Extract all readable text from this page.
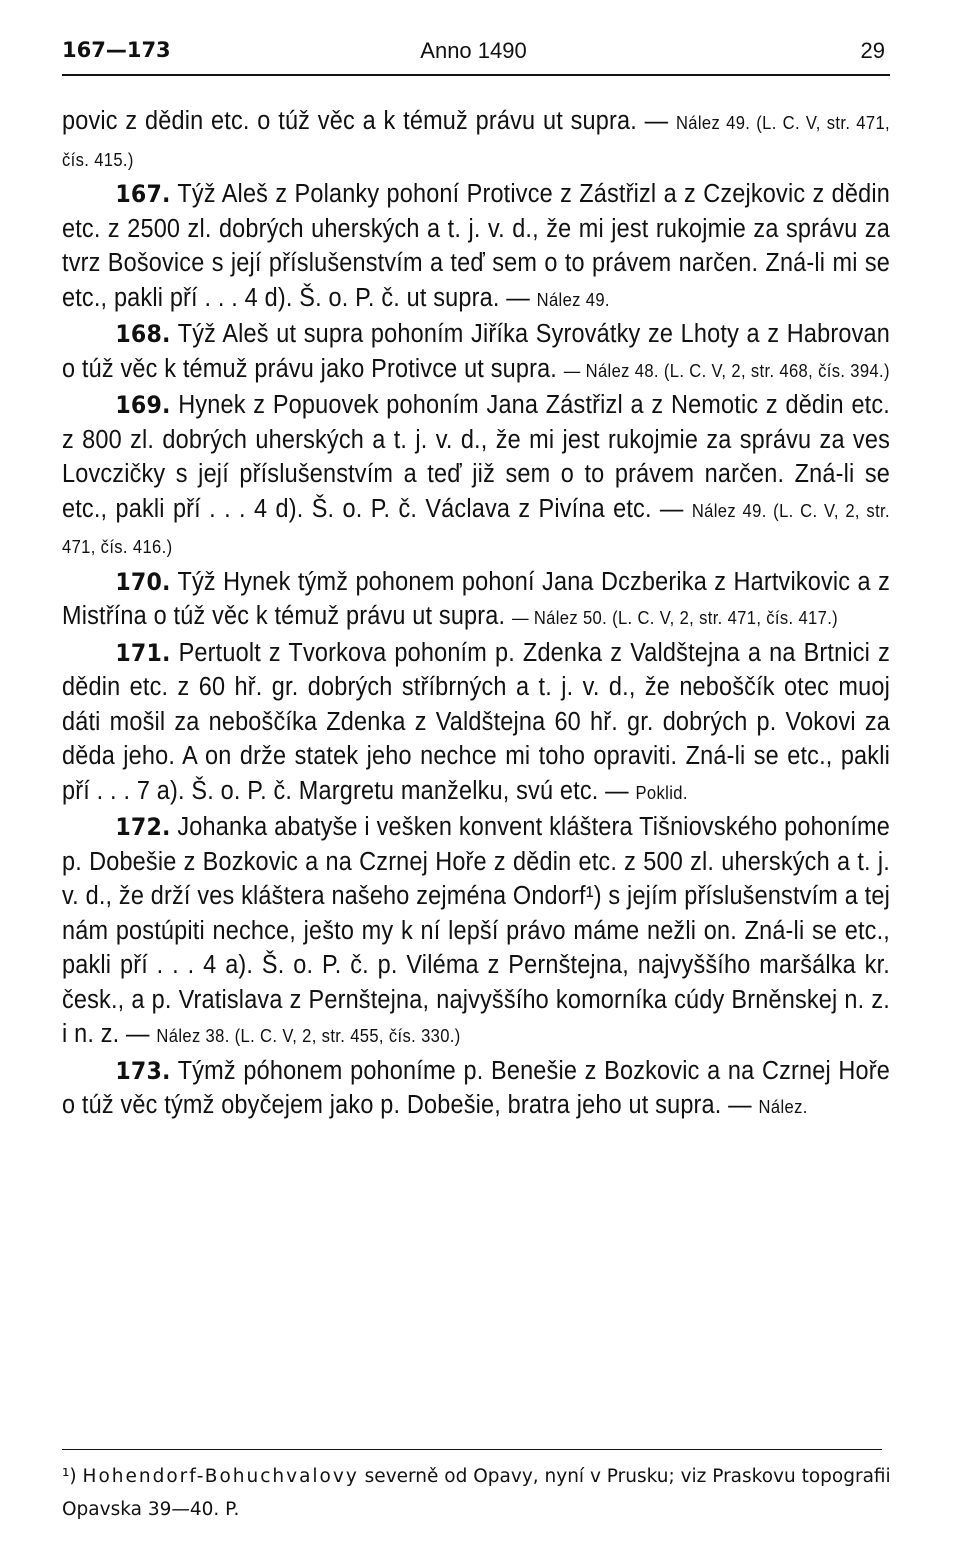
167—173	Anno 1490	29

povic z dědin etc. o túž věc a k témuž právu ut supra. — Nález 49. (L. C. V, str. 471, čís. 415.)

167. Týž Aleš z Polanky pohoní Protivce z Zástřizl a z Czejkovic z dědin etc. z 2500 zl. dobrých uherských a t. j. v. d., že mi jest rukojmie za správu za tvrz Bošovice s její příslušenstvím a teď sem o to právem narčen. Zná-li mi se etc., pakli pří . . . 4 d). Š. o. P. č. ut supra. — Nález 49.

168. Týž Aleš ut supra pohoním Jiříka Syrovátky ze Lhoty a z Habrovan o túž věc k témuž právu jako Protivce ut supra. — Nález 48. (L. C. V, 2, str. 468, čís. 394.)

169. Hynek z Popuovek pohoním Jana Zástřizl a z Nemotic z dědin etc. z 800 zl. dobrých uherských a t. j. v. d., že mi jest rukojmie za správu za ves Lovczičky s její příslušenstvím a teď již sem o to právem narčen. Zná-li se etc., pakli pří . . . 4 d). Š. o. P. č. Václava z Pivína etc. — Nález 49. (L. C. V, 2, str. 471, čís. 416.)

170. Týž Hynek týmž pohonem pohoní Jana Dczberika z Hartvikovic a z Mistřína o túž věc k témuž právu ut supra. — Nález 50. (L. C. V, 2, str. 471, čís. 417.)

171. Pertuolt z Tvorkova pohoním p. Zdenka z Valdštejna a na Brtnici z dědin etc. z 60 hř. gr. dobrých stříbrných a t. j. v. d., že neboščík otec muoj dáti mošil za neboščíka Zdenka z Valdštejna 60 hř. gr. dobrých p. Vokovi za děda jeho. A on drže statek jeho nechce mi toho opraviti. Zná-li se etc., pakli pří . . . 7 a). Š. o. P. č. Margretu manželku, svú etc. — Poklid.

172. Johanka abatyše i vešken konvent kláštera Tišniovského pohoníme p. Dobešie z Bozkovic a na Czrnej Hoře z dědin etc. z 500 zl. uherských a t. j. v. d., že drží ves kláštera našeho zejména Ondorf¹) s jejím příslušenstvím a tej nám postúpiti nechce, ješto my k ní lepší právo máme nežli on. Zná-li se etc., pakli pří . . . 4 a). Š. o. P. č. p. Viléma z Pernštejna, najvyššího maršálka kr. česk., a p. Vratislava z Pernštejna, najvyššího komorníka cúdy Brněnskej n. z. i n. z. — Nález 38. (L. C. V, 2, str. 455, čís. 330.)

173. Týmž póhonem pohoníme p. Benešie z Bozkovic a na Czrnej Hoře o túž věc týmž obyčejem jako p. Dobešie, bratra jeho ut supra. — Nález.

¹) Hohendorf-Bohuchvalovy severně od Opavy, nyní v Prusku; viz Praskovu topografii Opavska 39—40. P.
